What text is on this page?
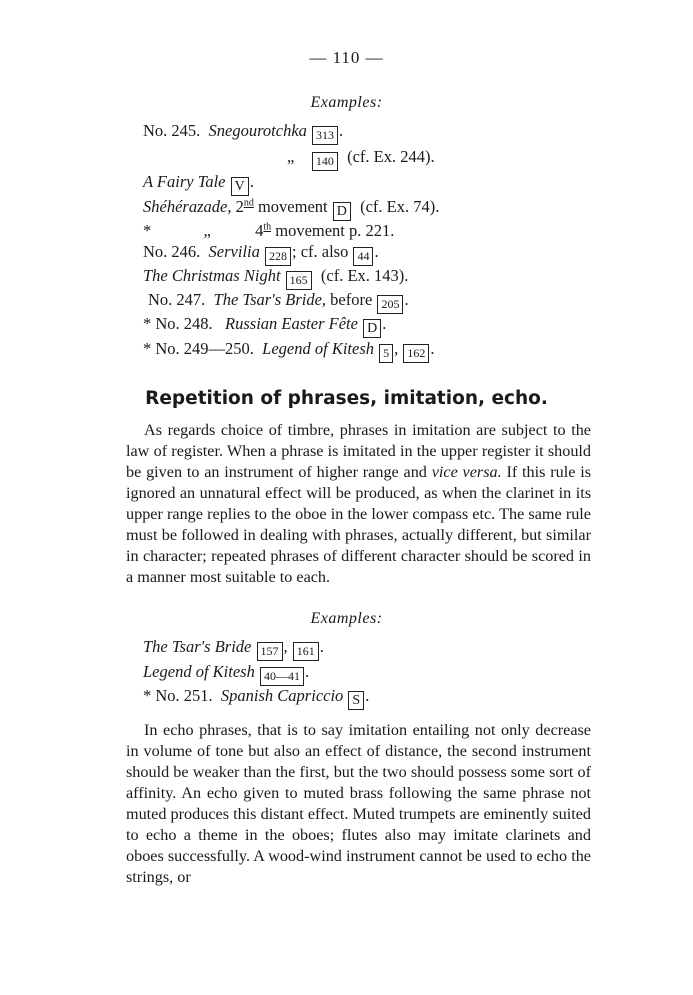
— 110 —
Examples:
No. 245. Snegourotchka 313 .
„ 140 (cf. Ex. 244).
A Fairy Tale V .
Shéhérazade, 2nd movement D (cf. Ex. 74).
*	„	4th movement p. 221.
No. 246. Servilia 228 ; cf. also 44 .
The Christmas Night 165 (cf. Ex. 143).
No. 247. The Tsar's Bride, before 205 .
* No. 248. Russian Easter Fête D .
* No. 249—250. Legend of Kitesh 5 , 162 .
Repetition of phrases, imitation, echo.

As regards choice of timbre, phrases in imitation are subject to the law of register. When a phrase is imitated in the upper register it should be given to an instrument of higher range and vice versa. If this rule is ignored an unnatural effect will be produced, as when the clarinet in its upper range replies to the oboe in the lower compass etc. The same rule must be followed in dealing with phrases, actually different, but similar in character; repeated phrases of different character should be scored in a manner most suitable to each.

Examples:
The Tsar's Bride 157 , 161 .
Legend of Kitesh 40—41 .
* No. 251. Spanish Capriccio S .

In echo phrases, that is to say imitation entailing not only decrease in volume of tone but also an effect of distance, the second instrument should be weaker than the first, but the two should possess some sort of affinity. An echo given to muted brass following the same phrase not muted produces this distant effect. Muted trumpets are eminently suited to echo a theme in the oboes; flutes also may imitate clarinets and oboes successfully. A wood-wind instrument cannot be used to echo the strings, or
